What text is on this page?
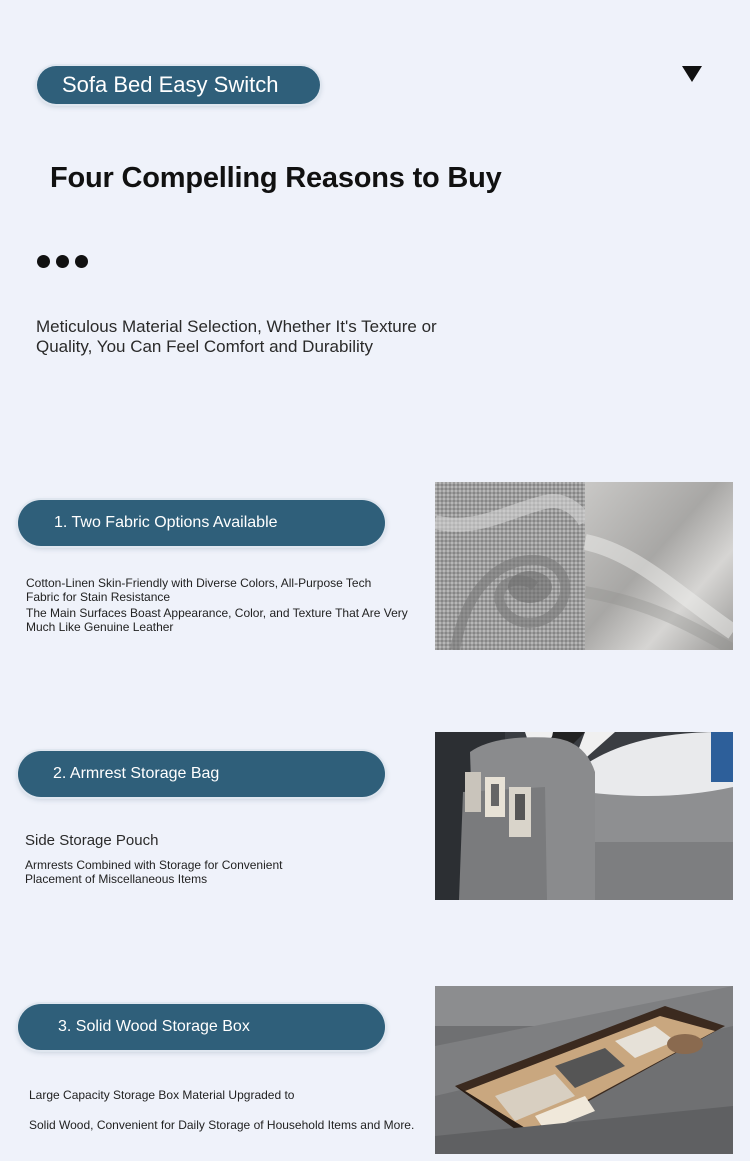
Sofa Bed Easy Switch
Four Compelling Reasons to Buy
Meticulous Material Selection, Whether It's Texture or Quality, You Can Feel Comfort and Durability
1. Two Fabric Options Available
Cotton-Linen Skin-Friendly with Diverse Colors, All-Purpose Tech Fabric for Stain Resistance
The Main Surfaces Boast Appearance, Color, and Texture That Are Very Much Like Genuine Leather
2. Armrest Storage Bag
Side Storage Pouch
Armrests Combined with Storage for Convenient Placement of Miscellaneous Items
3. Solid Wood Storage Box
Large Capacity Storage Box Material Upgraded to
Solid Wood, Convenient for Daily Storage of Household Items and More.
